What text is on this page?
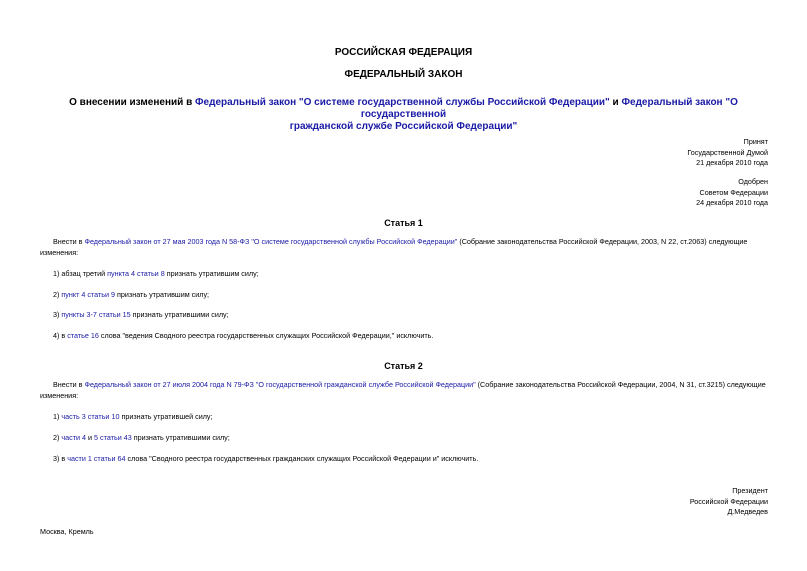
РОССИЙСКАЯ ФЕДЕРАЦИЯ
ФЕДЕРАЛЬНЫЙ ЗАКОН
О внесении изменений в Федеральный закон "О системе государственной службы Российской Федерации" и Федеральный закон "О государственной
гражданской службе Российской Федерации"
Принят
Государственной Думой
21 декабря 2010 года
Одобрен
Советом Федерации
24 декабря 2010 года
Статья 1
Внести в Федеральный закон от 27 мая 2003 года N 58-ФЗ "О системе государственной службы Российской Федерации" (Собрание законодательства Российской Федерации, 2003, N 22, ст.2063) следующие
изменения:
1) абзац третий пункта 4 статьи 8 признать утратившим силу;
2) пункт 4 статьи 9 признать утратившим силу;
3) пункты 3-7 статьи 15 признать утратившими силу;
4) в статье 16 слова "ведения Сводного реестра государственных служащих Российской Федерации," исключить.
Статья 2
Внести в Федеральный закон от 27 июля 2004 года N 79-ФЗ "О государственной гражданской службе Российской Федерации" (Собрание законодательства Российской Федерации, 2004, N 31, ст.3215) следующие
изменения:
1) часть 3 статьи 10 признать утратившей силу;
2) части 4 и 5 статьи 43 признать утратившими силу;
3) в части 1 статьи 64 слова "Сводного реестра государственных гражданских служащих Российской Федерации и" исключить.
Президент
Российской Федерации
Д.Медведев
Москва, Кремль
